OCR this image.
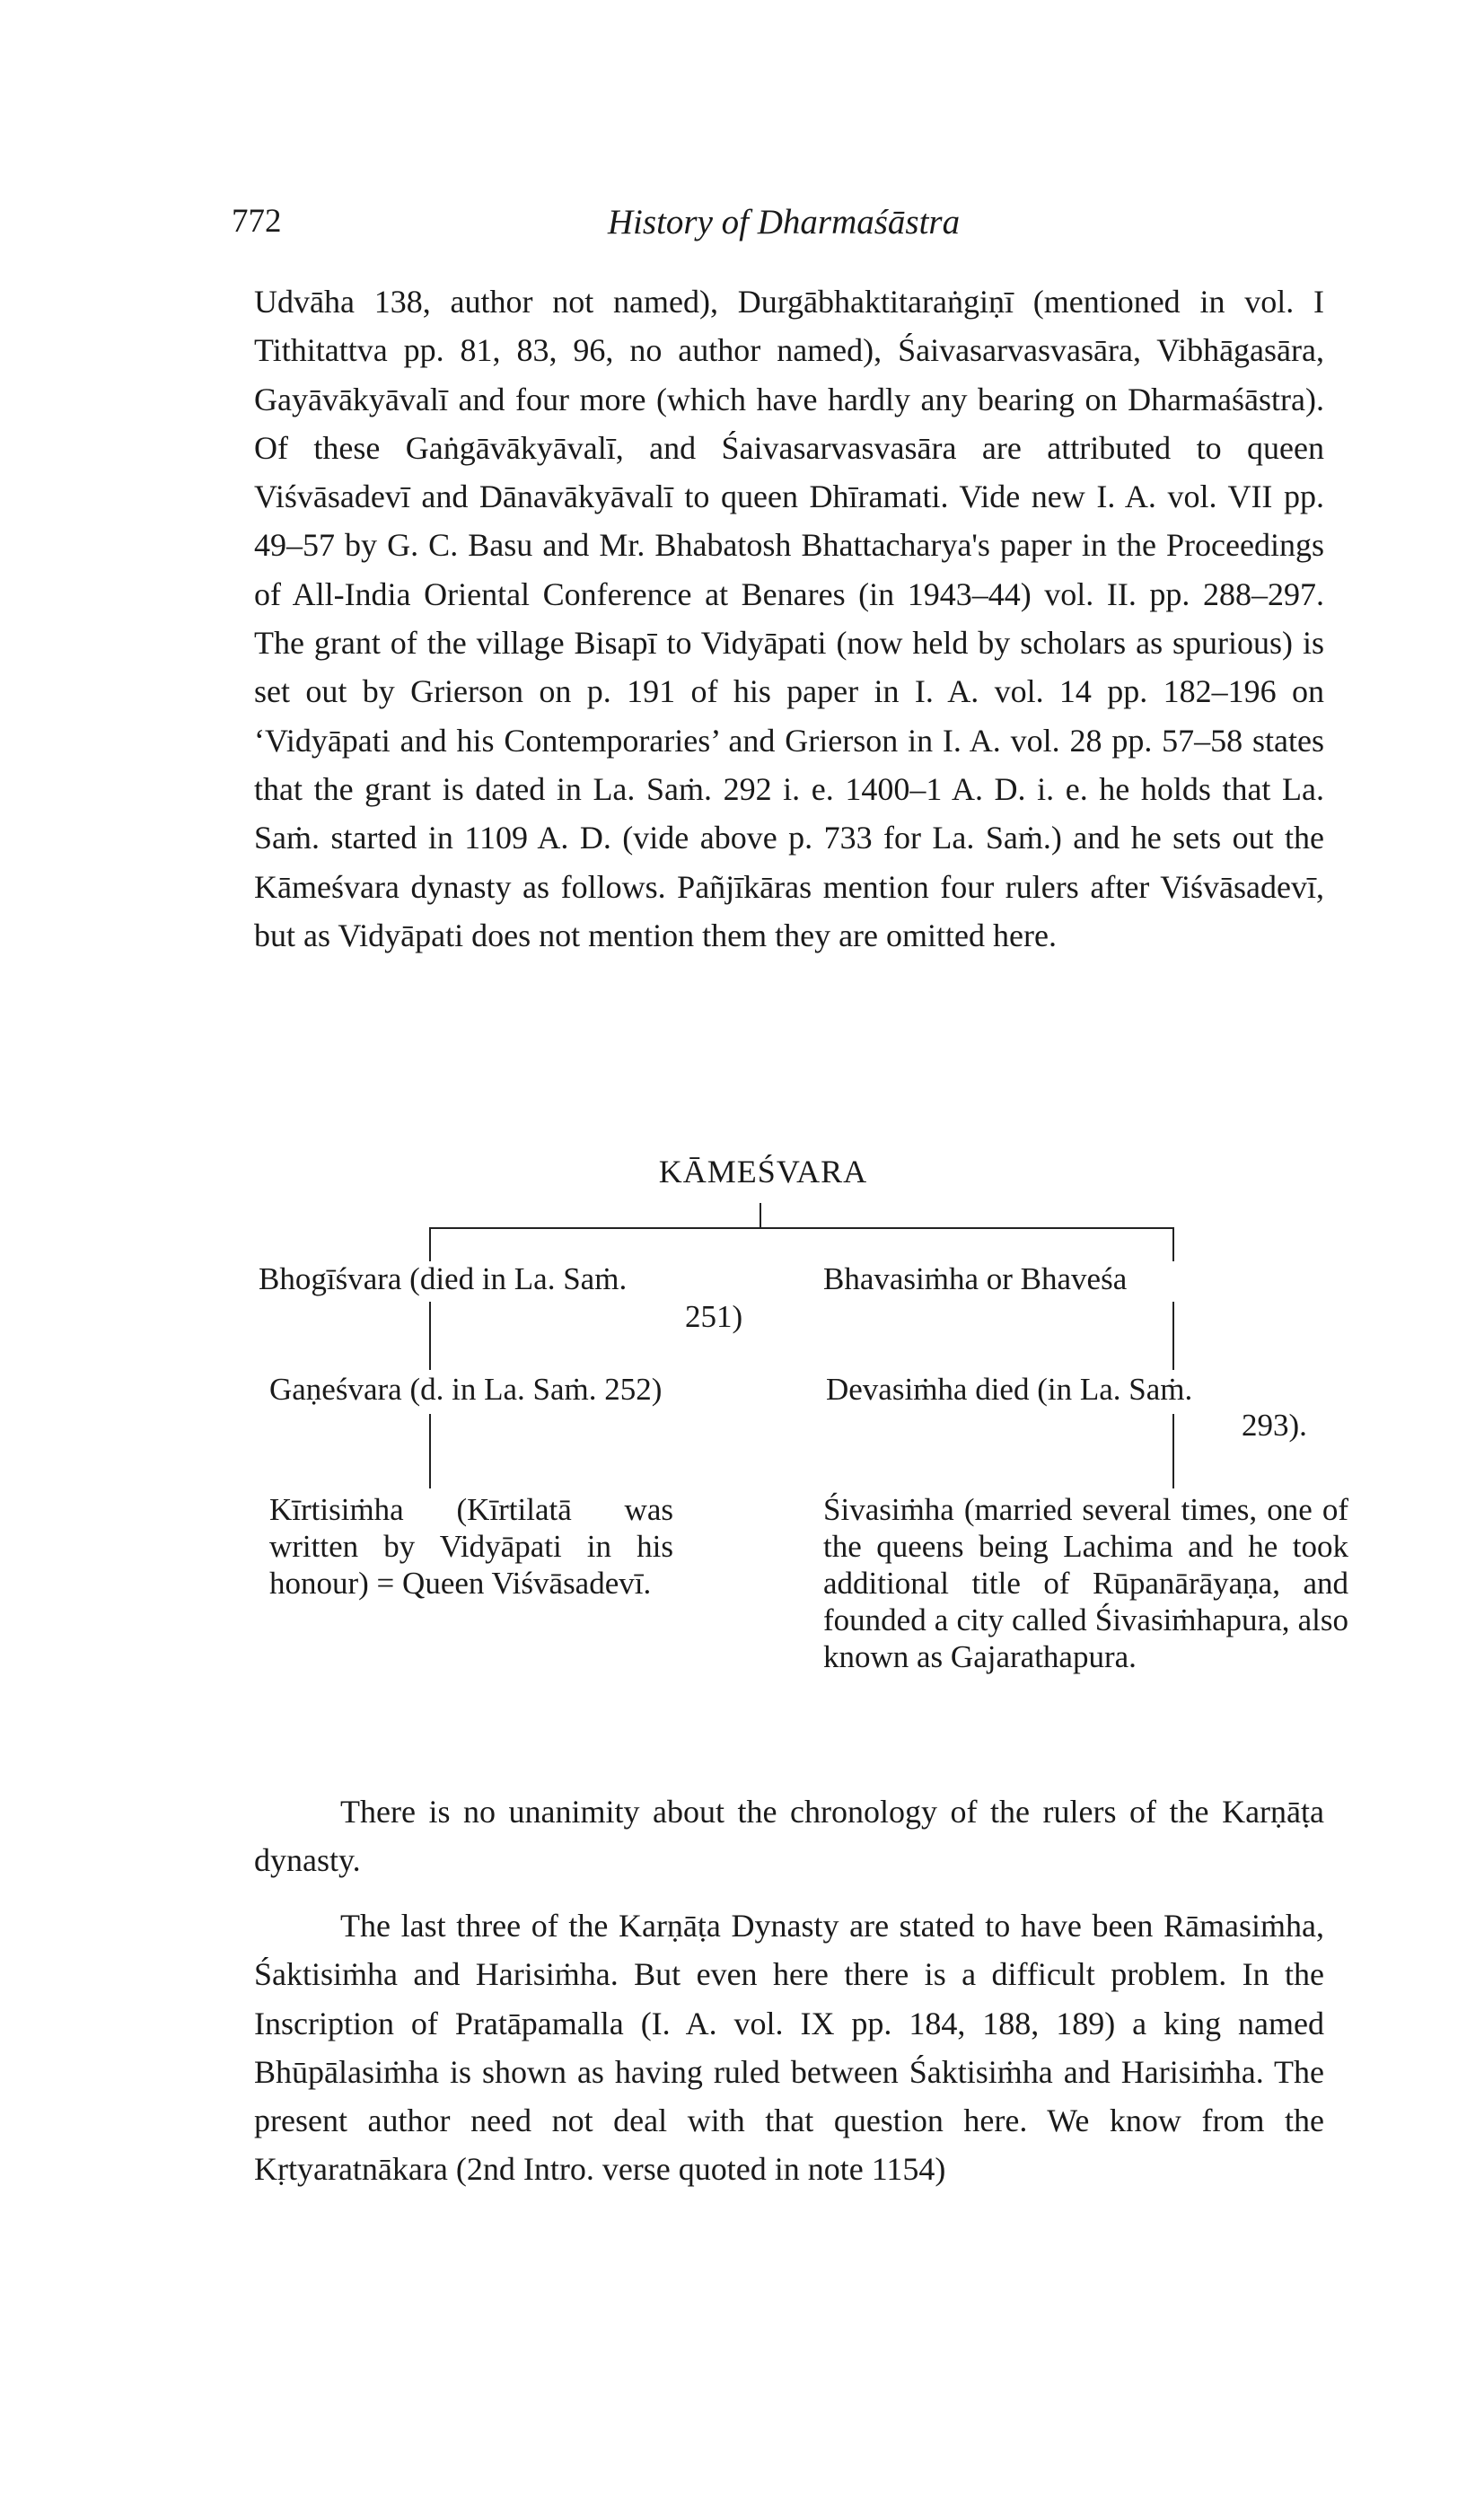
772	History of Dharmaśāstra

Udvāha 138, author not named), Durgābhaktitaraṅgiṇī (mentioned in vol. I Tithitattva pp. 81, 83, 96, no author named), Śaivasarvasvasāra, Vibhāgasāra, Gayāvākyāvalī and four more (which have hardly any bearing on Dharmaśāstra). Of these Gaṅgāvākyāvalī, and Śaivasarvasvasāra are attributed to queen Viśvāsadevī and Dānavākyāvalī to queen Dhīramati. Vide new I. A. vol. VII pp. 49–57 by G. C. Basu and Mr. Bhabatosh Bhattacharya's paper in the Proceedings of All-India Oriental Conference at Benares (in 1943–44) vol. II. pp. 288–297. The grant of the village Bisapī to Vidyāpati (now held by scholars as spurious) is set out by Grierson on p. 191 of his paper in I. A. vol. 14 pp. 182–196 on ‘Vidyāpati and his Contemporaries’ and Grierson in I. A. vol. 28 pp. 57–58 states that the grant is dated in La. Saṁ. 292 i. e. 1400–1 A. D. i. e. he holds that La. Saṁ. started in 1109 A. D. (vide above p. 733 for La. Saṁ.) and he sets out the Kāmeśvara dynasty as follows. Pañjīkāras mention four rulers after Viśvāsadevī, but as Vidyāpati does not mention them they are omitted here.

KĀMEŚVARA
Bhogīśvara (died in La. Saṁ.
251)
Gaṇeśvara (d. in La. Saṁ. 252)

Kīrtisiṁha (Kīrtilatā was written by Vidyāpati in his honour) = Queen Viśvāsadevī.

Bhavasiṁha or Bhaveśa
Devasiṁha died (in La. Saṁ.
293).

Śivasiṁha (married several times, one of the queens being Lachima and he took additional title of Rūpanārāyaṇa, and founded a city called Śivasiṁhapura, also known as Gajarathapura.

There is no unanimity about the chronology of the rulers of the Karṇāṭa dynasty.

The last three of the Karṇāṭa Dynasty are stated to have been Rāmasiṁha, Śaktisiṁha and Harisiṁha. But even here there is a difficult problem. In the Inscription of Pratāpamalla (I. A. vol. IX pp. 184, 188, 189) a king named Bhūpālasiṁha is shown as having ruled between Śaktisiṁha and Harisiṁha. The present author need not deal with that question here. We know from the Kṛtyaratnākara (2nd Intro. verse quoted in note 1154)
